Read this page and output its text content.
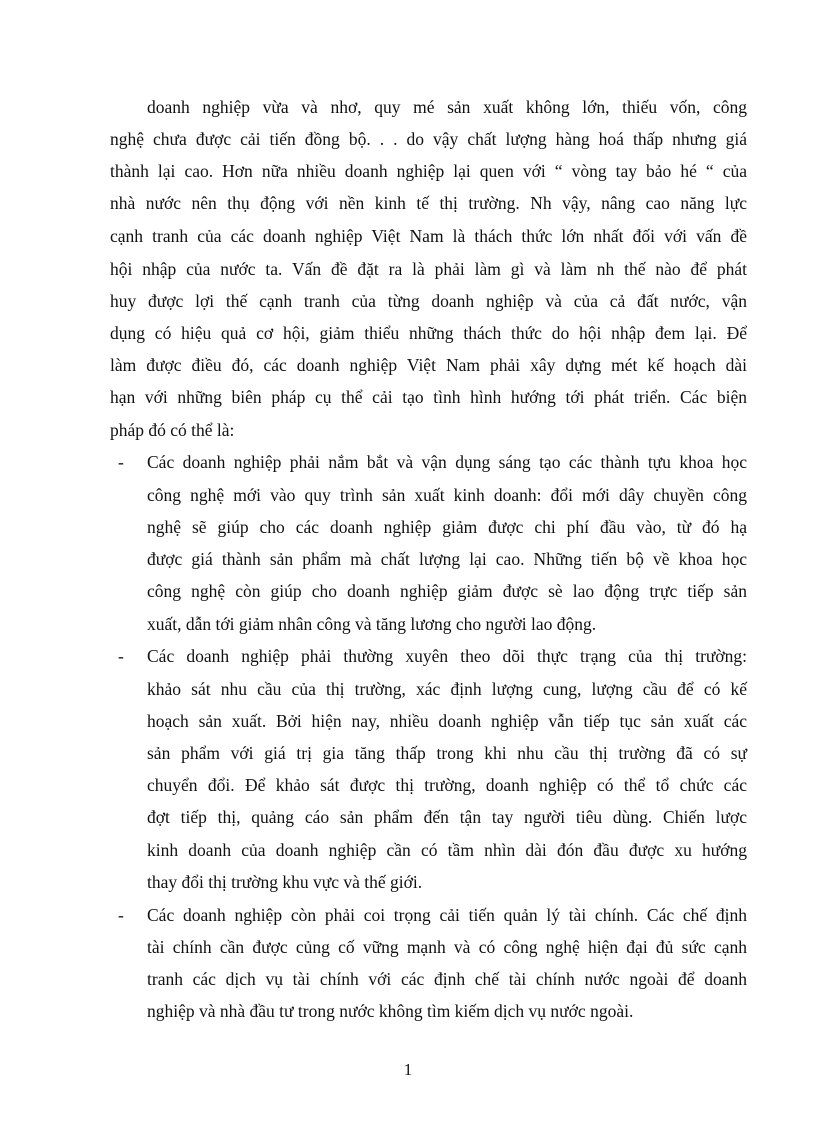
doanh nghiệp vừa và nhơ, quy mé sản xuất không lớn, thiếu vốn, công
nghệ chưa được cải tiến đồng bộ. . . do vậy chất lượng hàng hoá thấp nhưng giá
thành lại cao. Hơn nữa nhiều doanh nghiệp lại quen với “ vòng tay bảo hé “ của
nhà nước nên thụ động với nền kinh tế thị trường. Nh vậy, nâng cao năng lực
cạnh tranh của các doanh nghiệp Việt Nam là thách thức lớn nhất đối với vấn đề
hội nhập của nước ta. Vấn đề đặt ra là phải làm gì và làm nh thế nào để phát
huy được lợi thế cạnh tranh của từng doanh nghiệp và của cả đất nước, vận
dụng có hiệu quả cơ hội, giảm thiểu những thách thức do hội nhập đem lại. Để
làm được điều đó, các doanh nghiệp Việt Nam phải xây dựng mét kế hoạch dài
hạn với những biên pháp cụ thể cải tạo tình hình hướng tới phát triển. Các biện
pháp đó có thể là:
- Các doanh nghiệp phải nắm bắt và vận dụng sáng tạo các thành tựu khoa học
công nghệ mới vào quy trình sản xuất kinh doanh: đổi mới dây chuyền công
nghệ sẽ giúp cho các doanh nghiệp giảm được chi phí đầu vào, từ đó hạ
được giá thành sản phẩm mà chất lượng lại cao. Những tiến bộ về khoa học
công nghệ còn giúp cho doanh nghiệp giảm được sè lao động trực tiếp sản
xuất, dẫn tới giảm nhân công và tăng lương cho người lao động.
- Các doanh nghiệp phải thường xuyên theo dõi thực trạng của thị trường:
khảo sát nhu cầu của thị trường, xác định lượng cung, lượng cầu để có kế
hoạch sản xuất. Bởi hiện nay, nhiều doanh nghiệp vẫn tiếp tục sản xuất các
sản phẩm với giá trị gia tăng thấp trong khi nhu cầu thị trường đã có sự
chuyển đổi. Để khảo sát được thị trường, doanh nghiệp có thể tổ chức các
đợt tiếp thị, quảng cáo sản phẩm đến tận tay người tiêu dùng. Chiến lược
kinh doanh của doanh nghiệp cần có tầm nhìn dài đón đầu được xu hướng
thay đổi thị trường khu vực và thế giới.
- Các doanh nghiệp còn phải coi trọng cải tiến quản lý tài chính. Các chế định
tài chính cần được củng cố vững mạnh và có công nghệ hiện đại đủ sức cạnh
tranh các dịch vụ tài chính với các định chế tài chính nước ngoài để doanh
nghiệp và nhà đầu tư trong nước không tìm kiếm dịch vụ nước ngoài.
1
